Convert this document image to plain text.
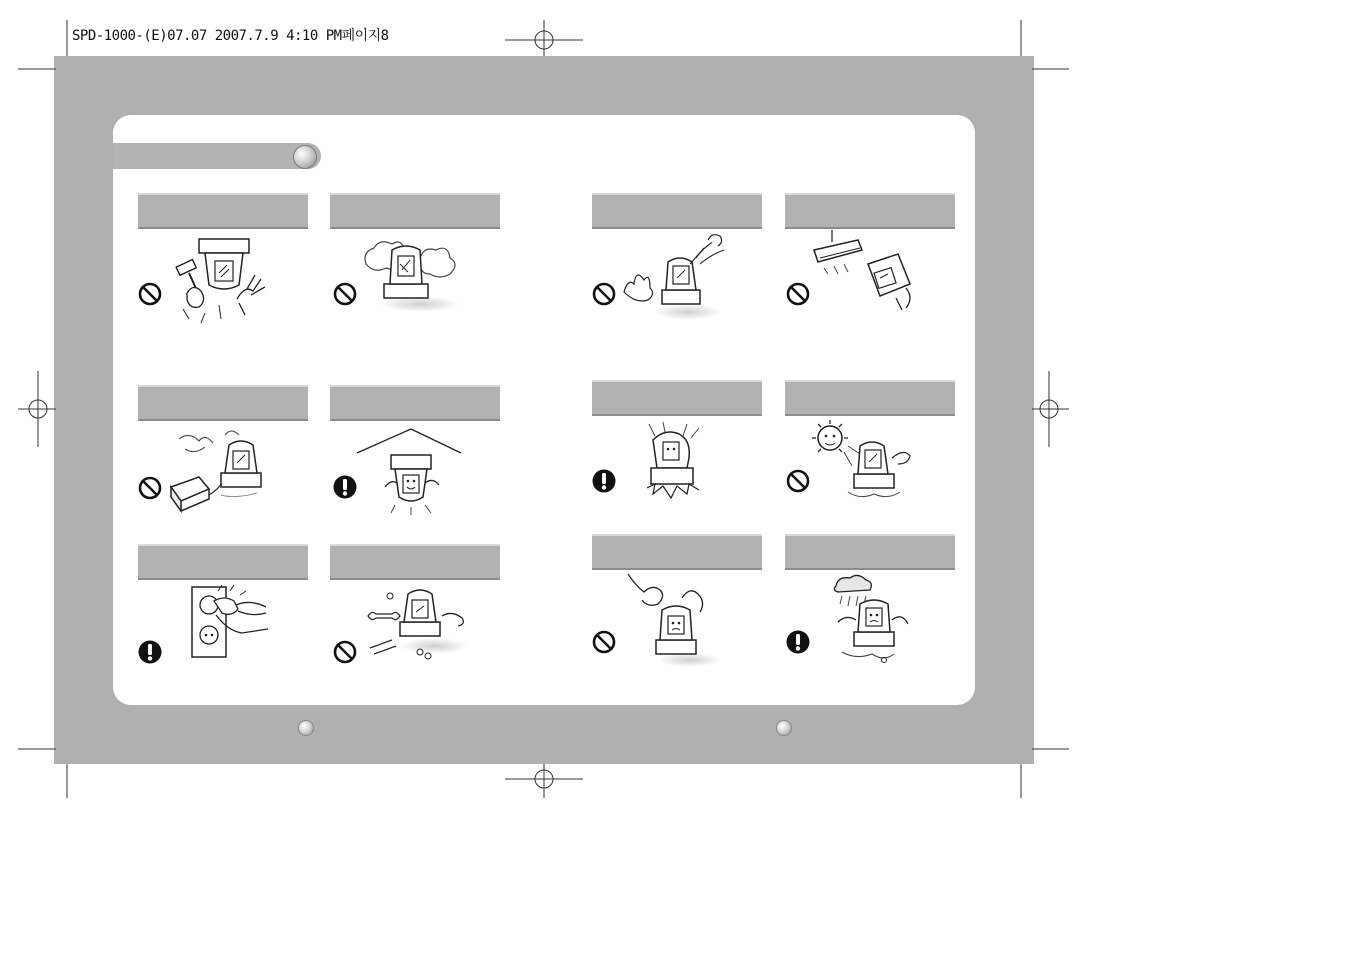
SPD-1000-(E)07.07 2007.7.9 4:10 PM페이지8
